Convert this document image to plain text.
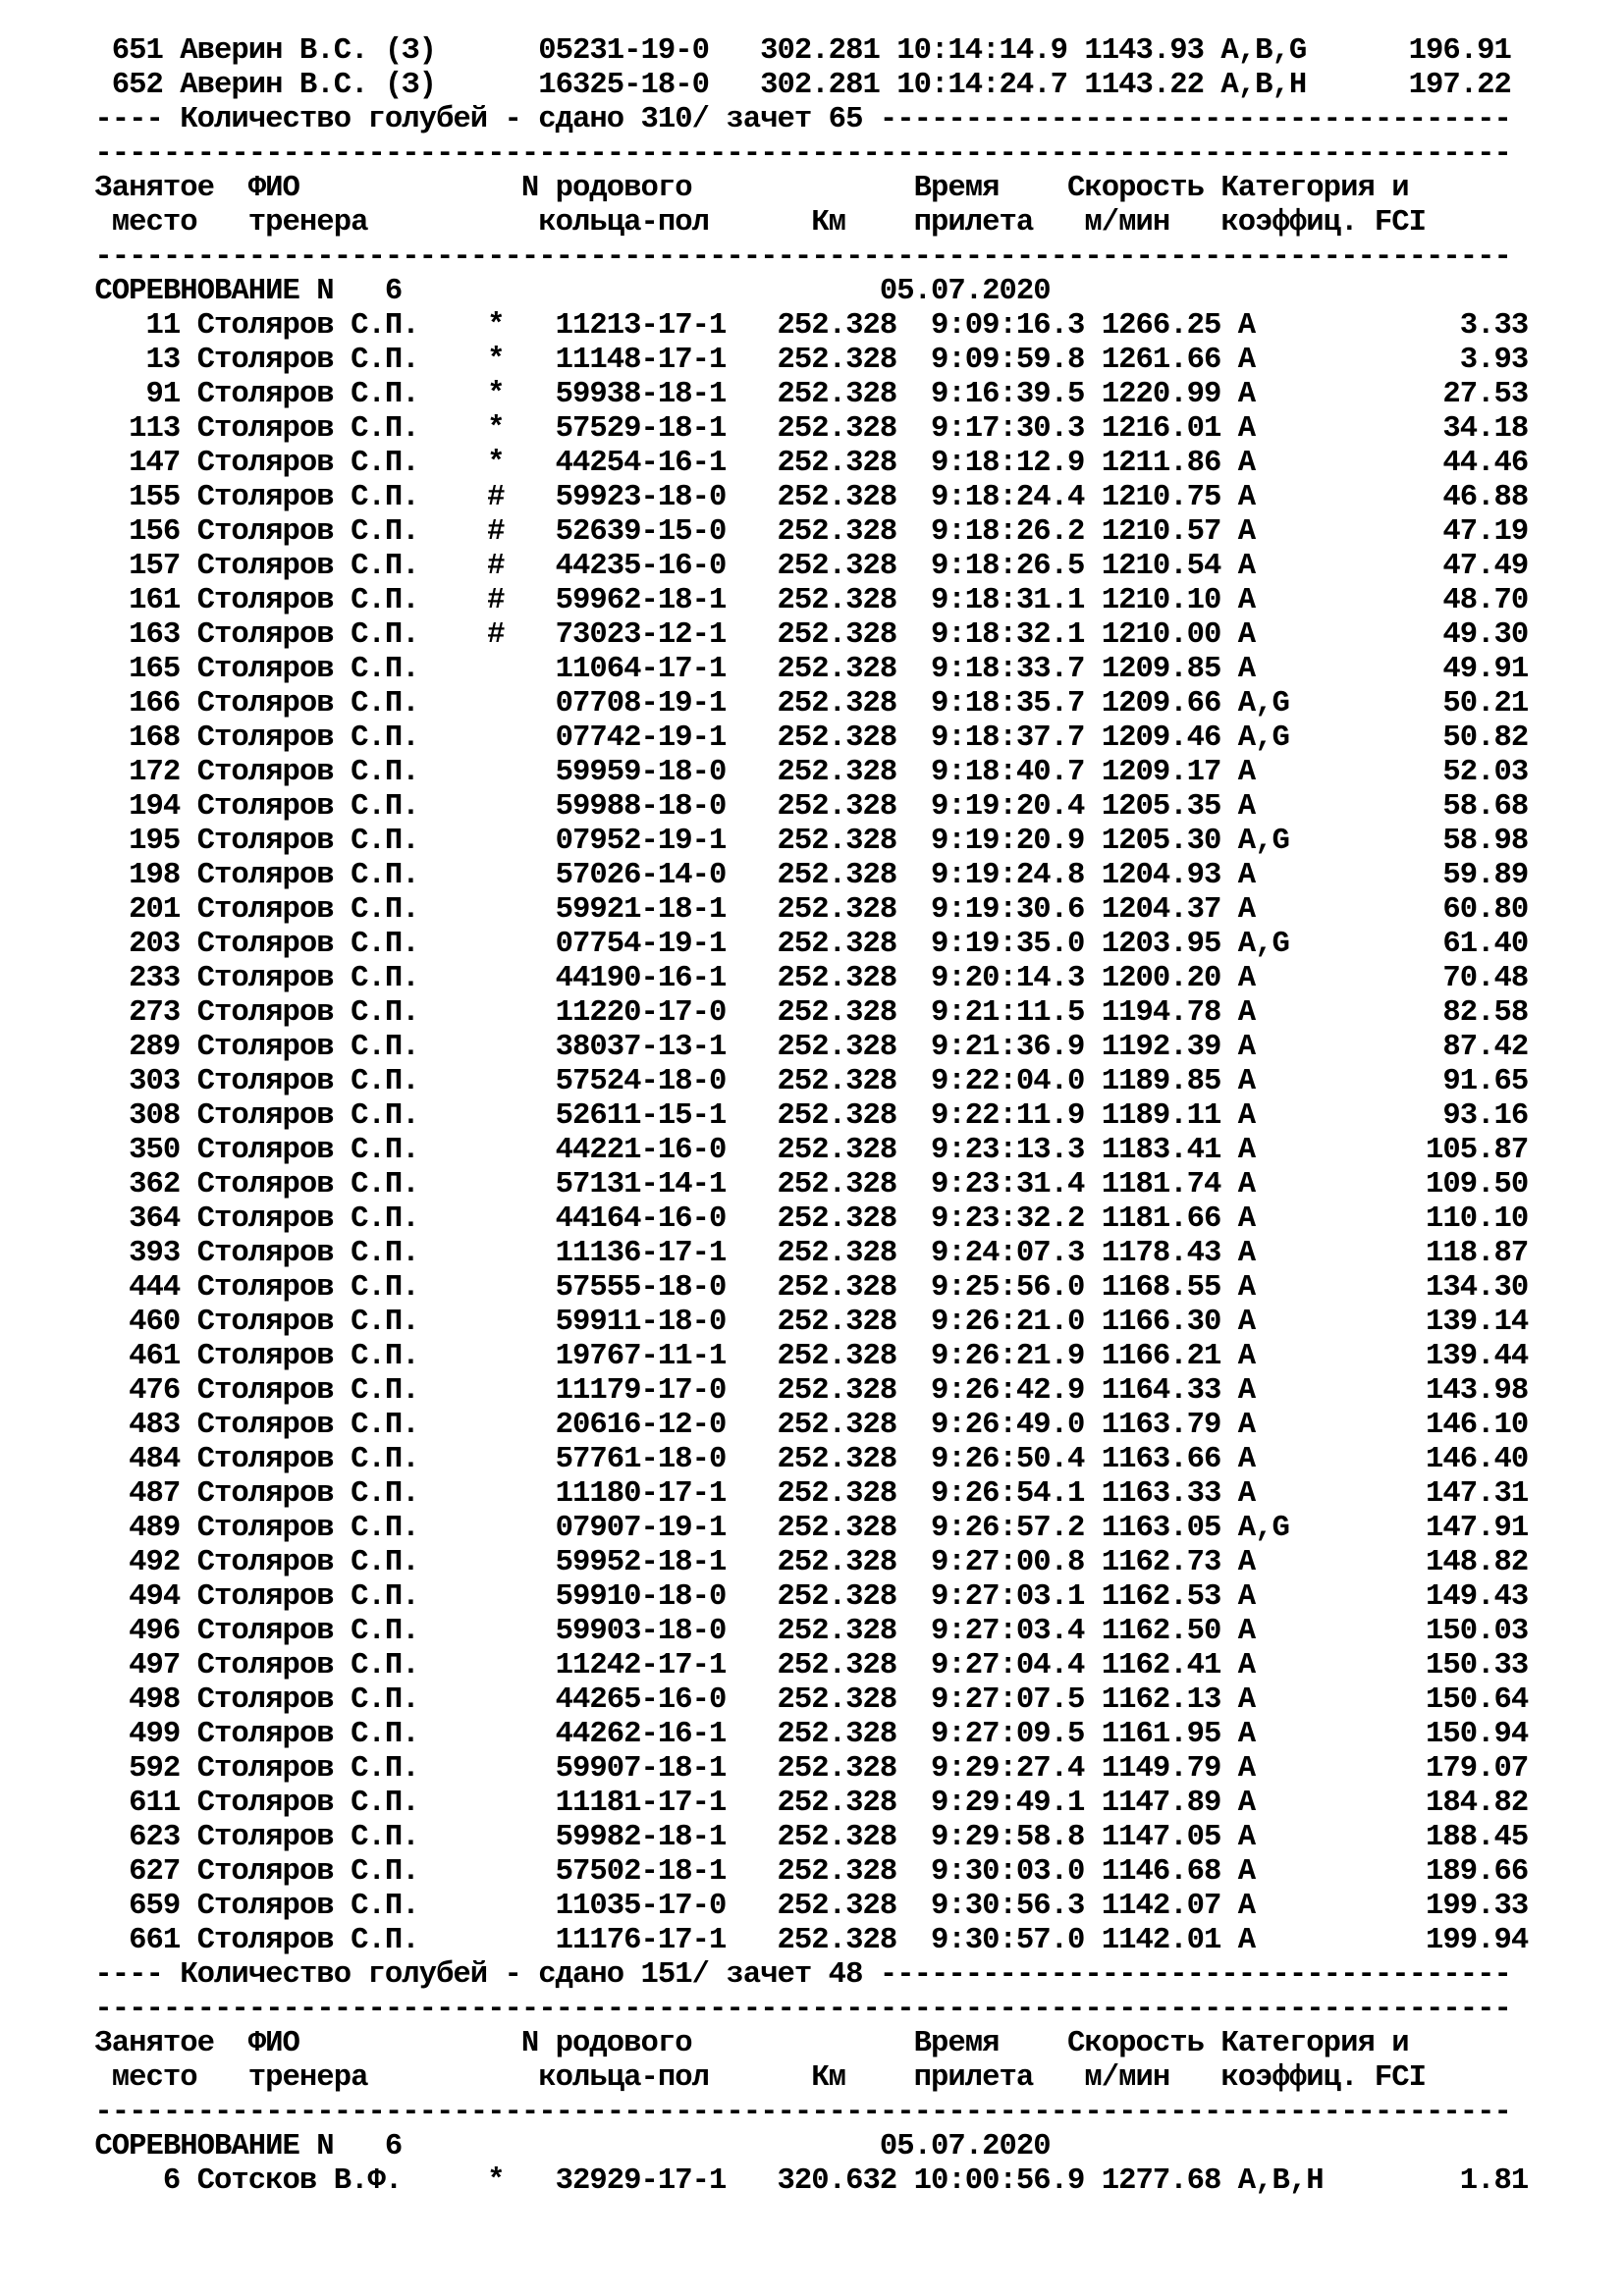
651 Аверин В.С. (З)      05231-19-0   302.281 10:14:14.9 1143.93 A,B,G      196.91
652 Аверин В.С. (З)      16325-18-0   302.281 10:14:24.7 1143.22 A,B,H      197.22
---- Количество голубей - сдано 310/ зачет 65 -------------------------------------
-----------------------------------------------------------------------------------
Занятое  ФИО             N родового             Время    Скорость Категория и
место   тренера          кольца-пол      Км    прилета   м/мин   коэффиц. FCI
-----------------------------------------------------------------------------------
СОРЕВНОВАНИЕ N   6                            05.07.2020
11 Столяров С.П.    *   11213-17-1   252.328  9:09:16.3 1266.25 A            3.33
13 Столяров С.П.    *   11148-17-1   252.328  9:09:59.8 1261.66 A            3.93
91 Столяров С.П.    *   59938-18-1   252.328  9:16:39.5 1220.99 A           27.53
113 Столяров С.П.    *   57529-18-1   252.328  9:17:30.3 1216.01 A           34.18
147 Столяров С.П.    *   44254-16-1   252.328  9:18:12.9 1211.86 A           44.46
155 Столяров С.П.    #   59923-18-0   252.328  9:18:24.4 1210.75 A           46.88
156 Столяров С.П.    #   52639-15-0   252.328  9:18:26.2 1210.57 A           47.19
157 Столяров С.П.    #   44235-16-0   252.328  9:18:26.5 1210.54 A           47.49
161 Столяров С.П.    #   59962-18-1   252.328  9:18:31.1 1210.10 A           48.70
163 Столяров С.П.    #   73023-12-1   252.328  9:18:32.1 1210.00 A           49.30
165 Столяров С.П.        11064-17-1   252.328  9:18:33.7 1209.85 A           49.91
166 Столяров С.П.        07708-19-1   252.328  9:18:35.7 1209.66 A,G         50.21
168 Столяров С.П.        07742-19-1   252.328  9:18:37.7 1209.46 A,G         50.82
172 Столяров С.П.        59959-18-0   252.328  9:18:40.7 1209.17 A           52.03
194 Столяров С.П.        59988-18-0   252.328  9:19:20.4 1205.35 A           58.68
195 Столяров С.П.        07952-19-1   252.328  9:19:20.9 1205.30 A,G         58.98
198 Столяров С.П.        57026-14-0   252.328  9:19:24.8 1204.93 A           59.89
201 Столяров С.П.        59921-18-1   252.328  9:19:30.6 1204.37 A           60.80
203 Столяров С.П.        07754-19-1   252.328  9:19:35.0 1203.95 A,G         61.40
233 Столяров С.П.        44190-16-1   252.328  9:20:14.3 1200.20 A           70.48
273 Столяров С.П.        11220-17-0   252.328  9:21:11.5 1194.78 A           82.58
289 Столяров С.П.        38037-13-1   252.328  9:21:36.9 1192.39 A           87.42
303 Столяров С.П.        57524-18-0   252.328  9:22:04.0 1189.85 A           91.65
308 Столяров С.П.        52611-15-1   252.328  9:22:11.9 1189.11 A           93.16
350 Столяров С.П.        44221-16-0   252.328  9:23:13.3 1183.41 A          105.87
362 Столяров С.П.        57131-14-1   252.328  9:23:31.4 1181.74 A          109.50
364 Столяров С.П.        44164-16-0   252.328  9:23:32.2 1181.66 A          110.10
393 Столяров С.П.        11136-17-1   252.328  9:24:07.3 1178.43 A          118.87
444 Столяров С.П.        57555-18-0   252.328  9:25:56.0 1168.55 A          134.30
460 Столяров С.П.        59911-18-0   252.328  9:26:21.0 1166.30 A          139.14
461 Столяров С.П.        19767-11-1   252.328  9:26:21.9 1166.21 A          139.44
476 Столяров С.П.        11179-17-0   252.328  9:26:42.9 1164.33 A          143.98
483 Столяров С.П.        20616-12-0   252.328  9:26:49.0 1163.79 A          146.10
484 Столяров С.П.        57761-18-0   252.328  9:26:50.4 1163.66 A          146.40
487 Столяров С.П.        11180-17-1   252.328  9:26:54.1 1163.33 A          147.31
489 Столяров С.П.        07907-19-1   252.328  9:26:57.2 1163.05 A,G        147.91
492 Столяров С.П.        59952-18-1   252.328  9:27:00.8 1162.73 A          148.82
494 Столяров С.П.        59910-18-0   252.328  9:27:03.1 1162.53 A          149.43
496 Столяров С.П.        59903-18-0   252.328  9:27:03.4 1162.50 A          150.03
497 Столяров С.П.        11242-17-1   252.328  9:27:04.4 1162.41 A          150.33
498 Столяров С.П.        44265-16-0   252.328  9:27:07.5 1162.13 A          150.64
499 Столяров С.П.        44262-16-1   252.328  9:27:09.5 1161.95 A          150.94
592 Столяров С.П.        59907-18-1   252.328  9:29:27.4 1149.79 A          179.07
611 Столяров С.П.        11181-17-1   252.328  9:29:49.1 1147.89 A          184.82
623 Столяров С.П.        59982-18-1   252.328  9:29:58.8 1147.05 A          188.45
627 Столяров С.П.        57502-18-1   252.328  9:30:03.0 1146.68 A          189.66
659 Столяров С.П.        11035-17-0   252.328  9:30:56.3 1142.07 A          199.33
661 Столяров С.П.        11176-17-1   252.328  9:30:57.0 1142.01 A          199.94
---- Количество голубей - сдано 151/ зачет 48 -------------------------------------
-----------------------------------------------------------------------------------
Занятое  ФИО             N родового             Время    Скорость Категория и
место   тренера          кольца-пол      Км    прилета   м/мин   коэффиц. FCI
-----------------------------------------------------------------------------------
СОРЕВНОВАНИЕ N   6                            05.07.2020
6 Сотсков В.Ф.     *   32929-17-1   320.632 10:00:56.9 1277.68 A,B,H        1.81
